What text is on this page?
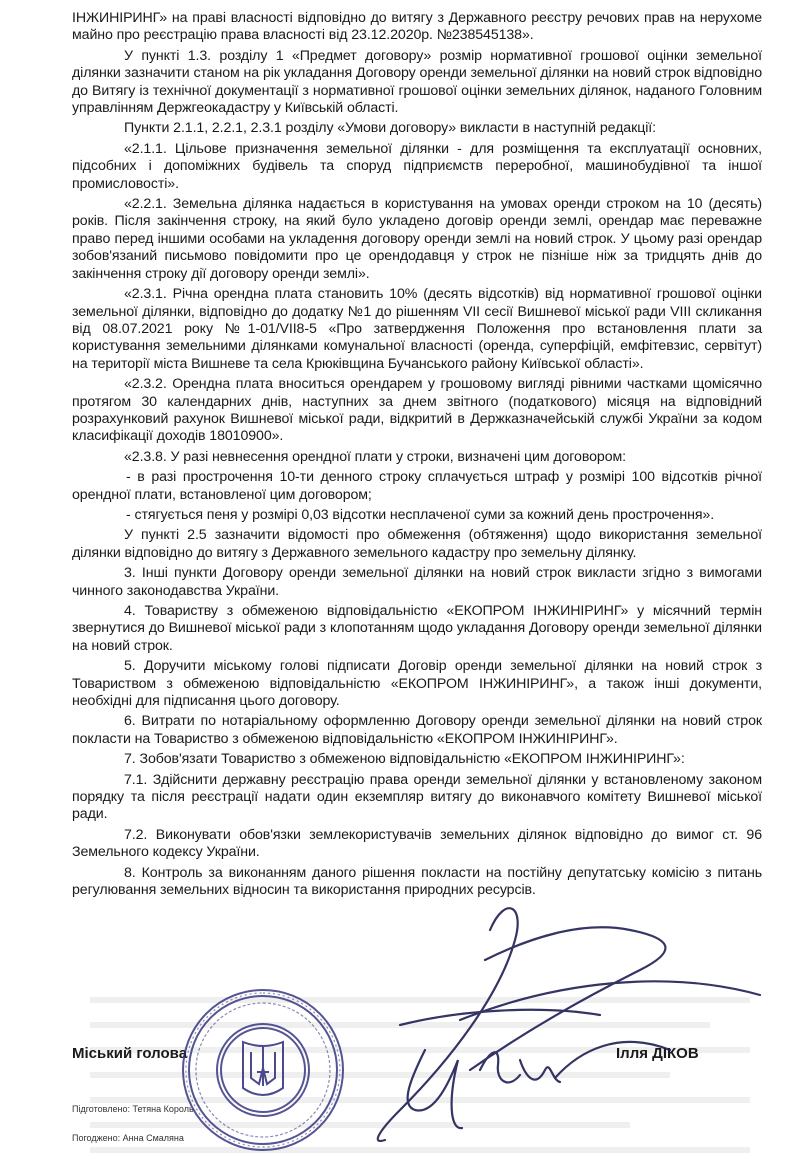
ІНЖИНІРИНГ» на праві власності відповідно до витягу з Державного реєстру речових прав на нерухоме майно про реєстрацію права власності від 23.12.2020р. №238545138».

У пункті 1.3. розділу 1 «Предмет договору» розмір нормативної грошової оцінки земельної ділянки зазначити станом на рік укладання Договору оренди земельної ділянки на новий строк відповідно до Витягу із технічної документації з нормативної грошової оцінки земельних ділянок, наданого Головним управлінням Держгеокадастру у Київській області.

Пункти 2.1.1, 2.2.1, 2.3.1 розділу «Умови договору» викласти в наступній редакції:

«2.1.1. Цільове призначення земельної ділянки - для розміщення та експлуатації основних, підсобних і допоміжних будівель та споруд підприємств переробної, машинобудівної та іншої промисловості».

«2.2.1. Земельна ділянка надається в користування на умовах оренди строком на 10 (десять) років. Після закінчення строку, на який було укладено договір оренди землі, орендар має переважне право перед іншими особами на укладення договору оренди землі на новий строк. У цьому разі орендар зобов'язаний письмово повідомити про це орендодавця у строк не пізніше ніж за тридцять днів до закінчення строку дії договору оренди землі».

«2.3.1. Річна орендна плата становить 10% (десять відсотків) від нормативної грошової оцінки земельної ділянки, відповідно до додатку №1 до рішенням VII сесії Вишневої міської ради VIII скликання від 08.07.2021 року №1-01/VII8-5 «Про затвердження Положення про встановлення плати за користування земельними ділянками комунальної власності (оренда, суперфіцій, емфітевзис, сервітут) на території міста Вишневе та села Крюківщина Бучанського району Київської області».

«2.3.2. Орендна плата вноситься орендарем у грошовому вигляді рівними частками щомісячно протягом 30 календарних днів, наступних за днем звітного (податкового) місяця на відповідний розрахунковий рахунок Вишневої міської ради, відкритий в Держказначейській службі України за кодом класифікації доходів 18010900».

«2.3.8. У разі невнесення орендної плати у строки, визначені цим договором:

- в разі прострочення 10-ти денного строку сплачується штраф у розмірі 100 відсотків річної орендної плати, встановленої цим договором;

- стягується пеня у розмірі 0,03 відсотки несплаченої суми за кожний день прострочення».

У пункті 2.5 зазначити відомості про обмеження (обтяження) щодо використання земельної ділянки відповідно до витягу з Державного земельного кадастру про земельну ділянку.

3. Інші пункти Договору оренди земельної ділянки на новий строк викласти згідно з вимогами чинного законодавства України.

4. Товариству з обмеженою відповідальністю «ЕКОПРОМ ІНЖИНІРИНГ» у місячний термін звернутися до Вишневої міської ради з клопотанням щодо укладання Договору оренди земельної ділянки на новий строк.

5. Доручити міському голові підписати Договір оренди земельної ділянки на новий строк з Товариством з обмеженою відповідальністю «ЕКОПРОМ ІНЖИНІРИНГ», а також інші документи, необхідні для підписання цього договору.

6. Витрати по нотаріальному оформленню Договору оренди земельної ділянки на новий строк покласти на Товариство з обмеженою відповідальністю «ЕКОПРОМ ІНЖИНІРИНГ».

7. Зобов'язати Товариство з обмеженою відповідальністю «ЕКОПРОМ ІНЖИНІРИНГ»:

7.1. Здійснити державну реєстрацію права оренди земельної ділянки у встановленому законом порядку та після реєстрації надати один екземпляр витягу до виконавчого комітету Вишневої міської ради.

7.2. Виконувати обов'язки землекористувачів земельних ділянок відповідно до вимог ст. 96 Земельного кодексу України.

8. Контроль за виконанням даного рішення покласти на постійну депутатську комісію з питань регулювання земельних відносин та використання природних ресурсів.

Міський голова	Ілля ДІКОВ
Підготовлено: Тетяна Король
Погоджено: Анна Смаляна
